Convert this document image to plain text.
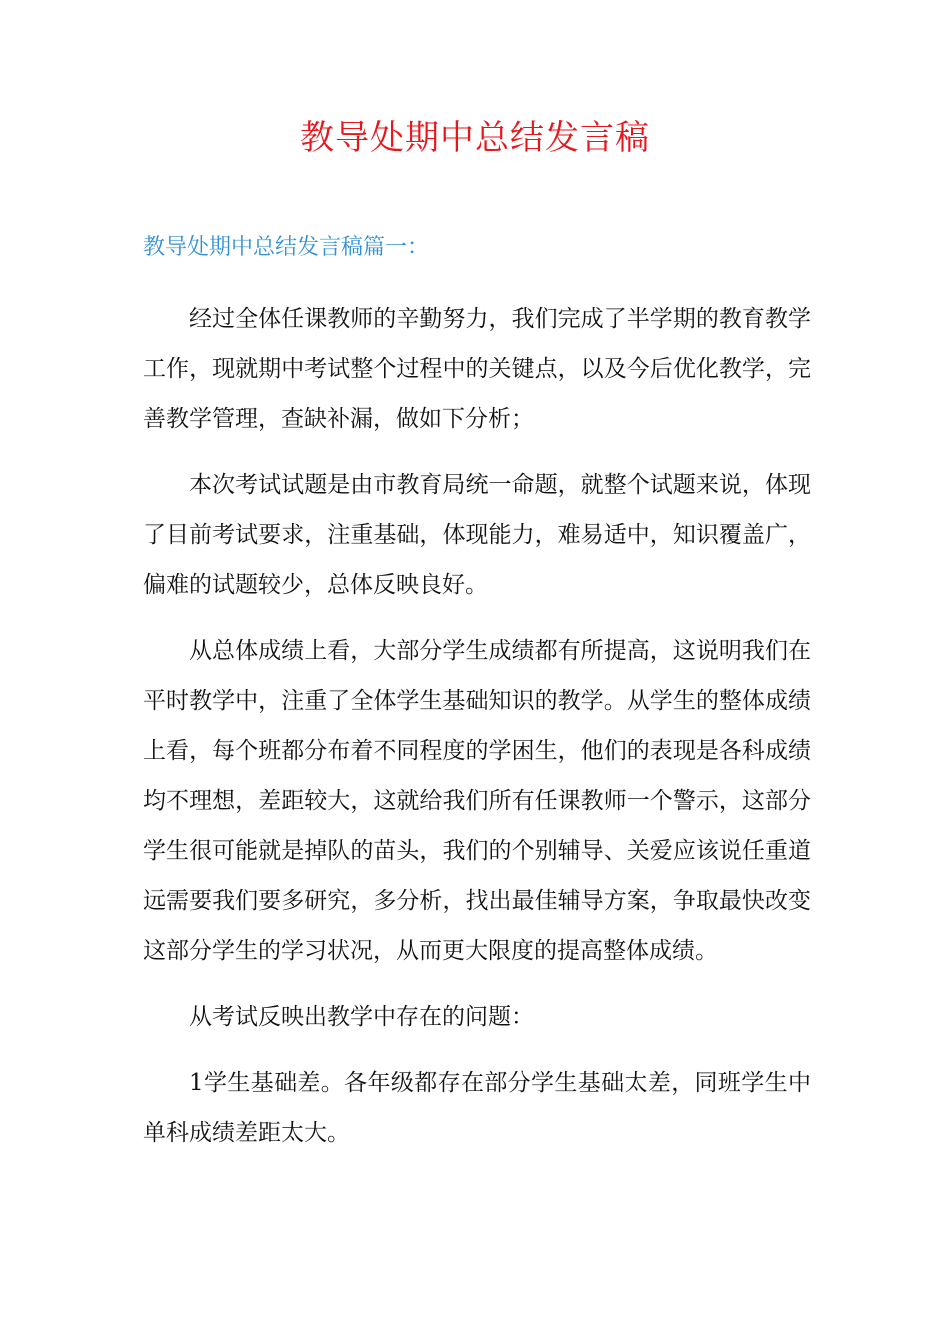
教导处期中总结发言稿
教导处期中总结发言稿篇一：

经过全体任课教师的辛勤努力，我们完成了半学期的教育教学工作，现就期中考试整个过程中的关键点，以及今后优化教学，完善教学管理，查缺补漏，做如下分析；

本次考试试题是由市教育局统一命题，就整个试题来说，体现了目前考试要求，注重基础，体现能力，难易适中，知识覆盖广，偏难的试题较少，总体反映良好。

从总体成绩上看，大部分学生成绩都有所提高，这说明我们在平时教学中，注重了全体学生基础知识的教学。从学生的整体成绩上看，每个班都分布着不同程度的学困生，他们的表现是各科成绩均不理想，差距较大，这就给我们所有任课教师一个警示，这部分学生很可能就是掉队的苗头，我们的个别辅导、关爱应该说任重道远需要我们要多研究，多分析，找出最佳辅导方案，争取最快改变这部分学生的学习状况，从而更大限度的提高整体成绩。

从考试反映出教学中存在的问题：

1学生基础差。各年级都存在部分学生基础太差，同班学生中单科成绩差距太大。
